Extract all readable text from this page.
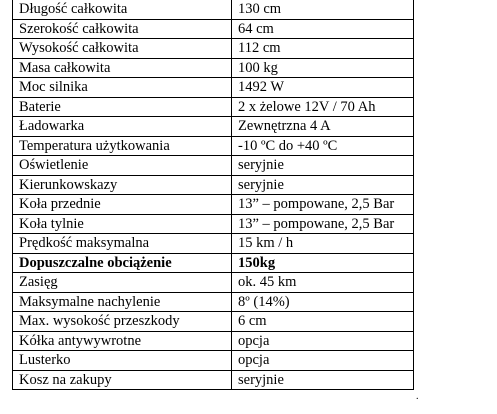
Długość całkowita	130 cm
Szerokość całkowita	64 cm
Wysokość całkowita	112 cm
Masa całkowita	100 kg
Moc silnika	1492 W
Baterie	2 x żelowe 12V / 70 Ah
Ładowarka	Zewnętrzna 4 A
Temperatura użytkowania	-10 ºC do +40 ºC
Oświetlenie	seryjnie
Kierunkowskazy	seryjnie
Koła przednie	13” – pompowane, 2,5 Bar
Koła tylnie	13” – pompowane, 2,5 Bar
Prędkość maksymalna	15 km / h
Dopuszczalne obciążenie	150kg
Zasięg	ok. 45 km
Maksymalne nachylenie	8º (14%)
Max. wysokość przeszkody	6 cm
Kółka antywywrotne	opcja
Lusterko	opcja
Kosz na zakupy	seryjnie
.
